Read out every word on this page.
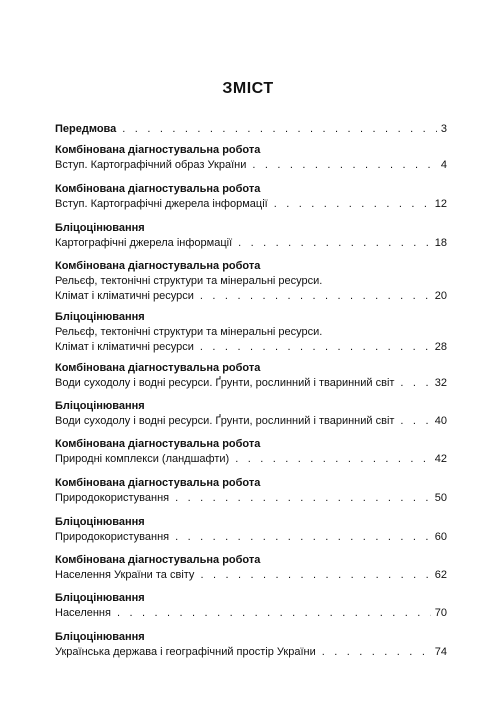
ЗМІСТ
Передмова . . .	3
Комбінована діагностувальна робота
Вступ. Картографічний образ України . . .	4
Комбінована діагностувальна робота
Вступ. Картографічні джерела інформації . . .	12
Бліцоцінювання
Картографічні джерела інформації . . .	18
Комбінована діагностувальна робота
Рельєф, тектонічні структури та мінеральні ресурси.
Клімат і кліматичні ресурси . . .	20
Бліцоцінювання
Рельєф, тектонічні структури та мінеральні ресурси.
Клімат і кліматичні ресурси . . .	28
Комбінована діагностувальна робота
Води суходолу і водні ресурси. Ґрунти, рослинний і тваринний світ . . .	32
Бліцоцінювання
Води суходолу і водні ресурси. Ґрунти, рослинний і тваринний світ . . .	40
Комбінована діагностувальна робота
Природні комплекси (ландшафти) . . .	42
Комбінована діагностувальна робота
Природокористування . . .	50
Бліцоцінювання
Природокористування . . .	60
Комбінована діагностувальна робота
Населення України та світу . . .	62
Бліцоцінювання
Населення . . .	70
Бліцоцінювання
Українська держава і географічний простір України . . .	74
